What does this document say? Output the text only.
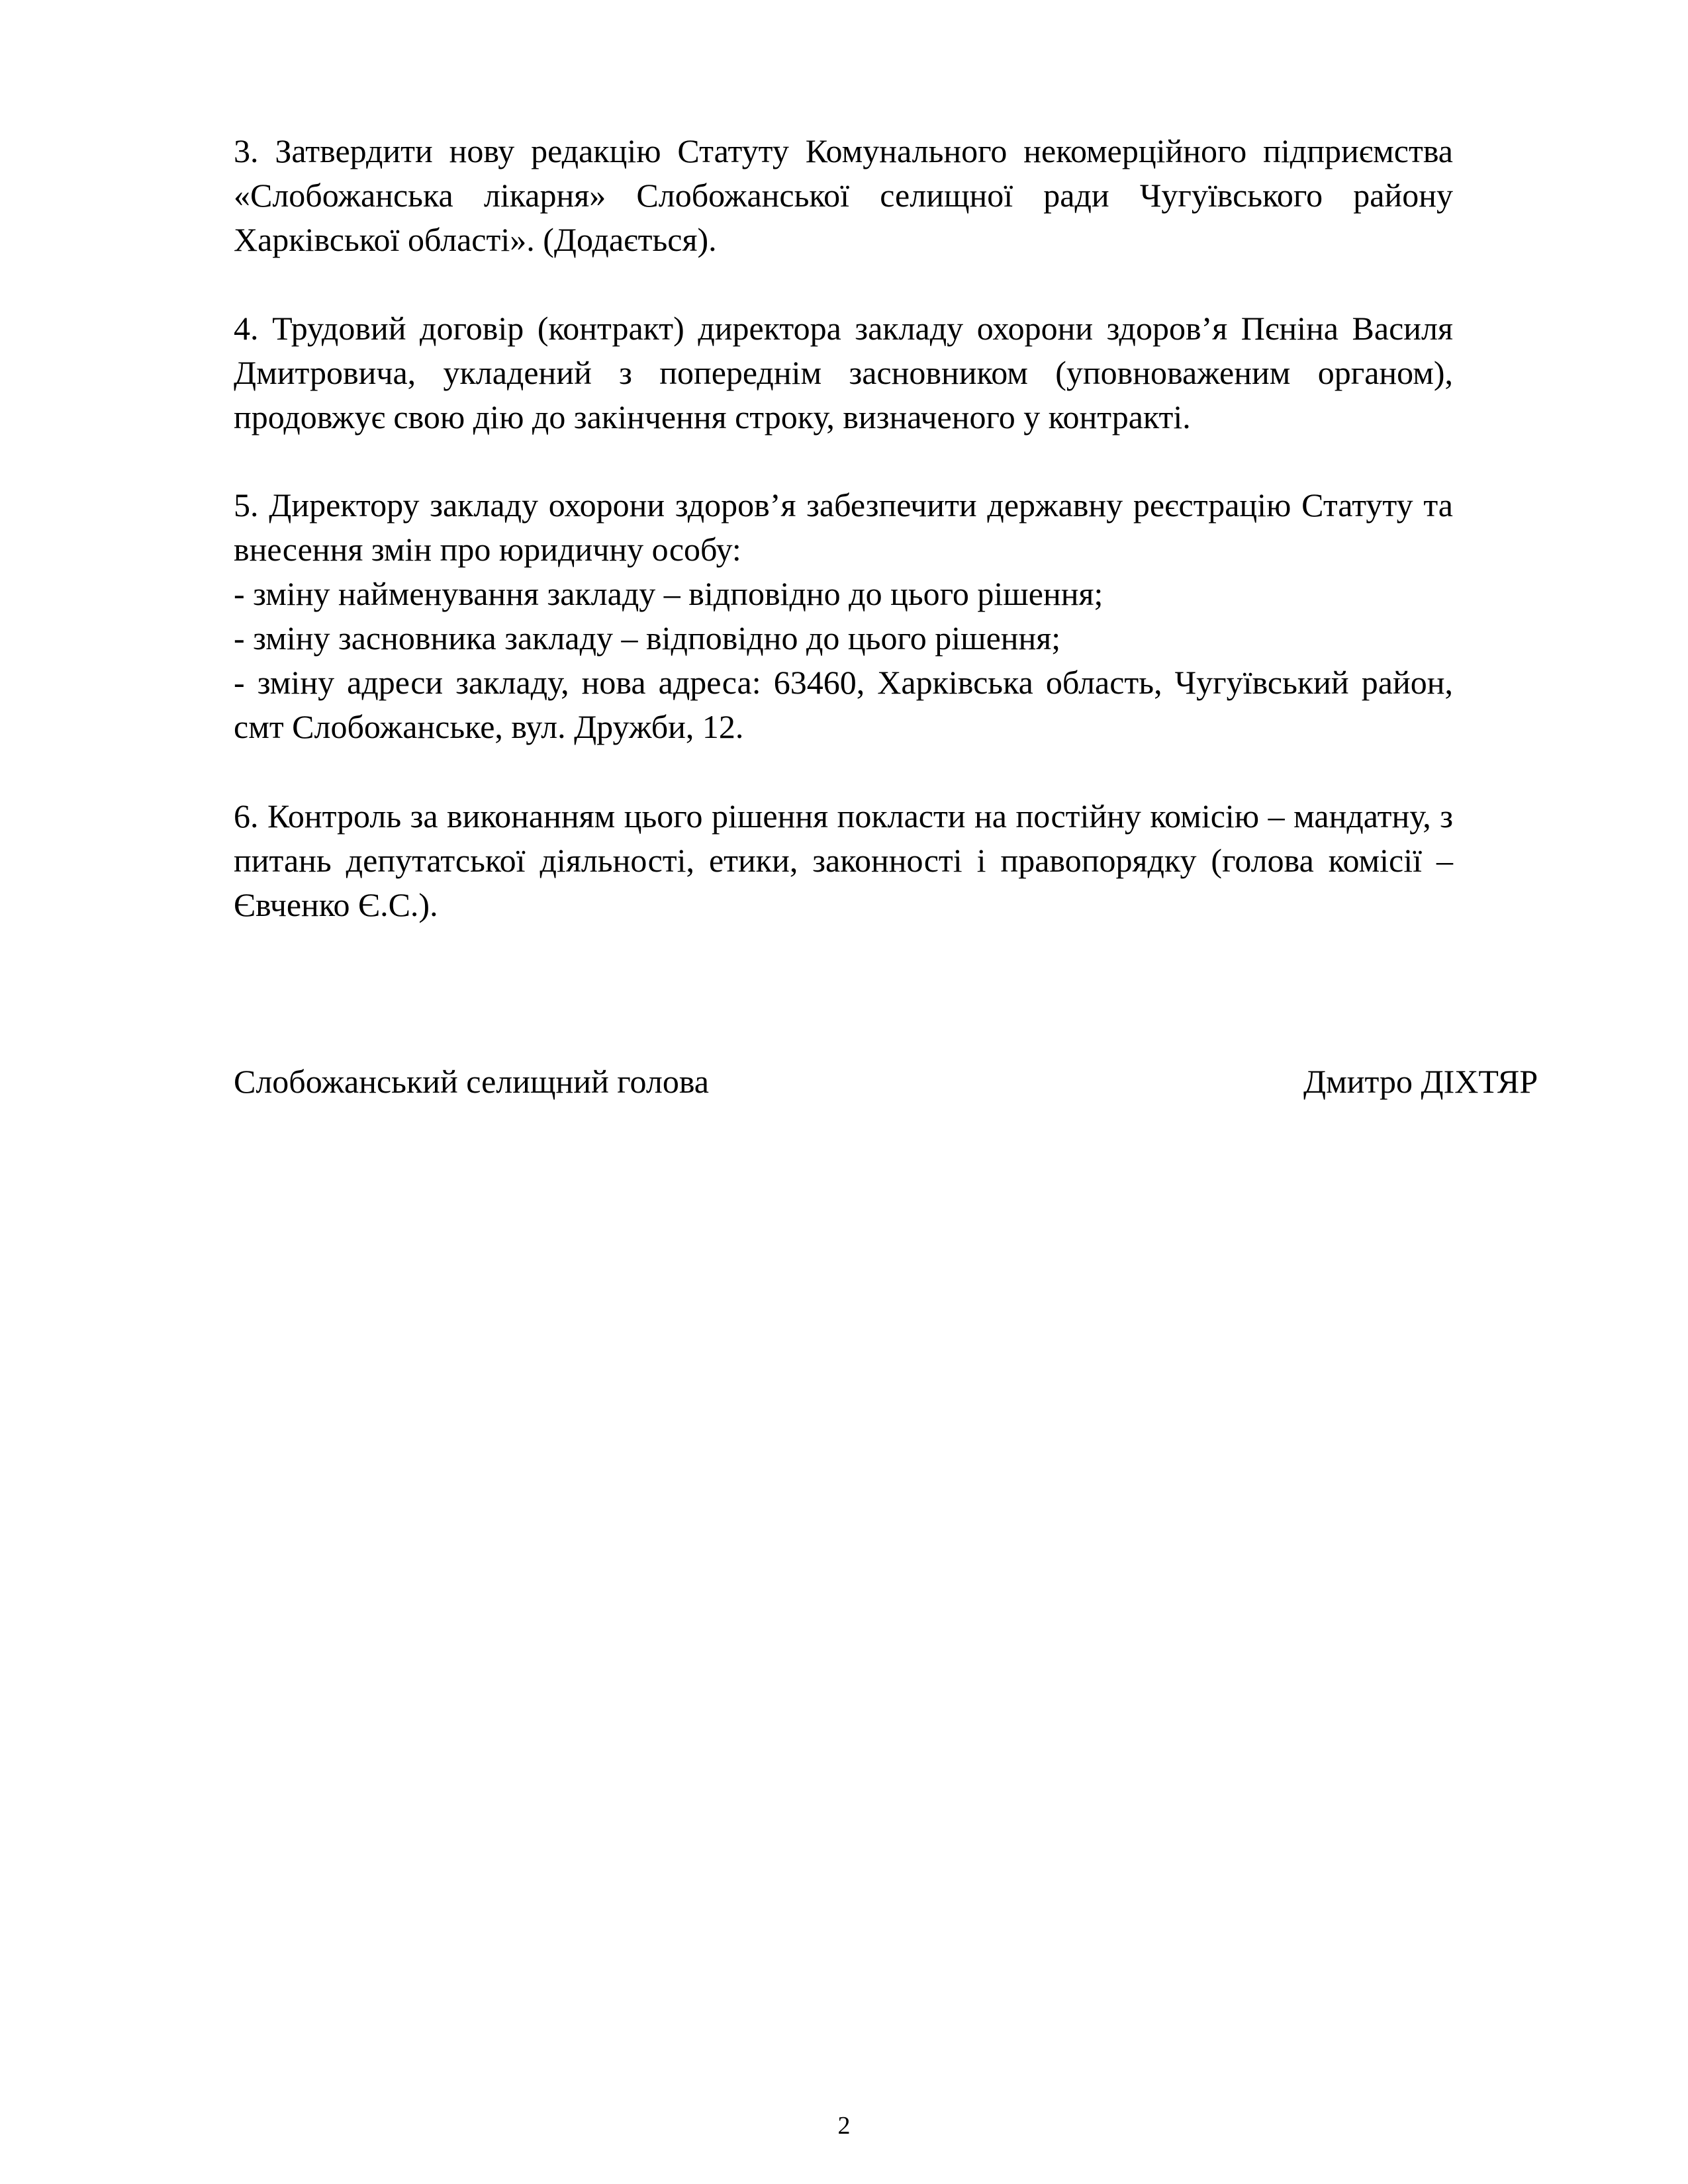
3. Затвердити нову редакцію Статуту Комунального некомерційного підприємства «Слобожанська лікарня» Слобожанської селищної ради Чугуївського району Харківської області». (Додається).

4. Трудовий договір (контракт) директора закладу охорони здоров’я Пєніна Василя Дмитровича, укладений з попереднім засновником (уповноваженим органом), продовжує свою дію до закінчення строку, визначеного у контракті.

5. Директору закладу охорони здоров’я забезпечити державну реєстрацію Статуту та внесення змін про юридичну особу:

- зміну найменування закладу – відповідно до цього рішення;

- зміну засновника закладу – відповідно до цього рішення;

- зміну адреси закладу, нова адреса: 63460, Харківська область, Чугуївський район, смт Слобожанське, вул. Дружби, 12.

6. Контроль за виконанням цього рішення покласти на постійну комісію – мандатну, з питань депутатської діяльності, етики, законності і правопорядку (голова комісії – Євченко Є.С.).

Слобожанський селищний голова	Дмитро ДІХТЯР
2
